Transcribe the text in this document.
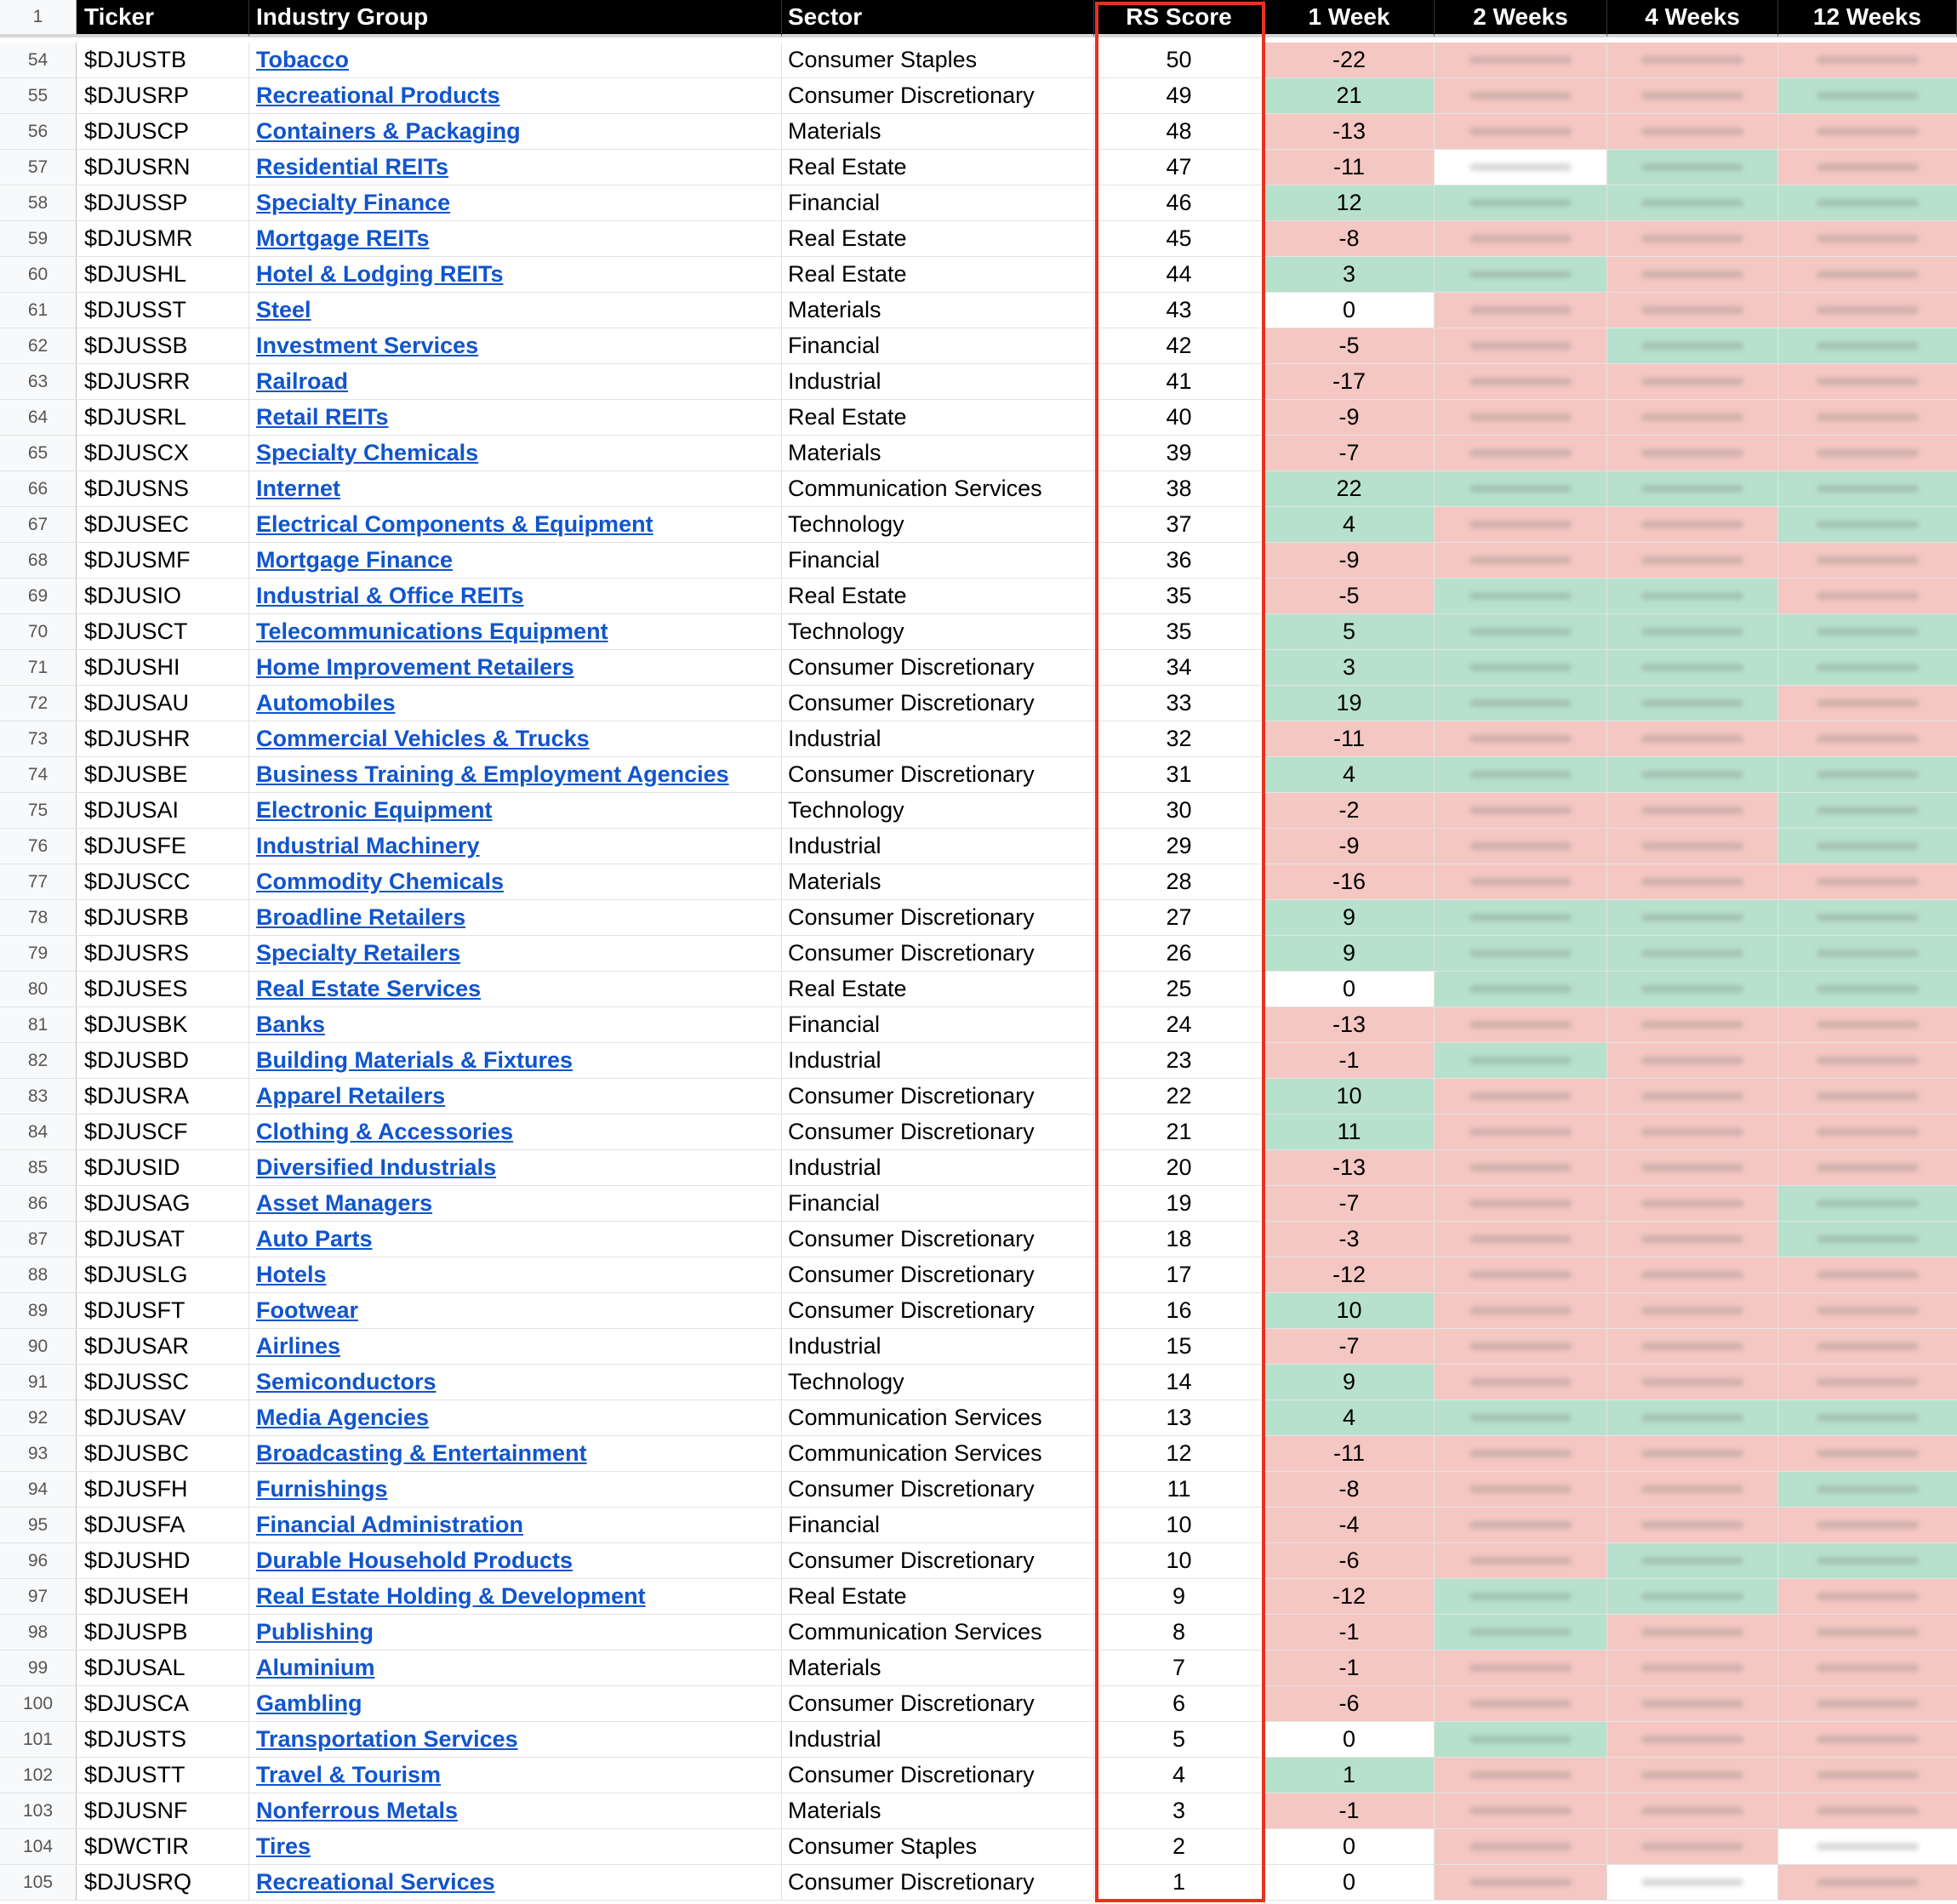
1	Ticker	Industry Group	Sector	RS Score	1 Week	2 Weeks	4 Weeks	12 Weeks
54	$DJUSTB	Tobacco	Consumer Staples	50	-22
55	$DJUSRP	Recreational Products	Consumer Discretionary	49	21
56	$DJUSCP	Containers & Packaging	Materials	48	-13
57	$DJUSRN	Residential REITs	Real Estate	47	-11
58	$DJUSSP	Specialty Finance	Financial	46	12
59	$DJUSMR	Mortgage REITs	Real Estate	45	-8
60	$DJUSHL	Hotel & Lodging REITs	Real Estate	44	3
61	$DJUSST	Steel	Materials	43	0
62	$DJUSSB	Investment Services	Financial	42	-5
63	$DJUSRR	Railroad	Industrial	41	-17
64	$DJUSRL	Retail REITs	Real Estate	40	-9
65	$DJUSCX	Specialty Chemicals	Materials	39	-7
66	$DJUSNS	Internet	Communication Services	38	22
67	$DJUSEC	Electrical Components & Equipment	Technology	37	4
68	$DJUSMF	Mortgage Finance	Financial	36	-9
69	$DJUSIO	Industrial & Office REITs	Real Estate	35	-5
70	$DJUSCT	Telecommunications Equipment	Technology	35	5
71	$DJUSHI	Home Improvement Retailers	Consumer Discretionary	34	3
72	$DJUSAU	Automobiles	Consumer Discretionary	33	19
73	$DJUSHR	Commercial Vehicles & Trucks	Industrial	32	-11
74	$DJUSBE	Business Training & Employment Agencies	Consumer Discretionary	31	4
75	$DJUSAI	Electronic Equipment	Technology	30	-2
76	$DJUSFE	Industrial Machinery	Industrial	29	-9
77	$DJUSCC	Commodity Chemicals	Materials	28	-16
78	$DJUSRB	Broadline Retailers	Consumer Discretionary	27	9
79	$DJUSRS	Specialty Retailers	Consumer Discretionary	26	9
80	$DJUSES	Real Estate Services	Real Estate	25	0
81	$DJUSBK	Banks	Financial	24	-13
82	$DJUSBD	Building Materials & Fixtures	Industrial	23	-1
83	$DJUSRA	Apparel Retailers	Consumer Discretionary	22	10
84	$DJUSCF	Clothing & Accessories	Consumer Discretionary	21	11
85	$DJUSID	Diversified Industrials	Industrial	20	-13
86	$DJUSAG	Asset Managers	Financial	19	-7
87	$DJUSAT	Auto Parts	Consumer Discretionary	18	-3
88	$DJUSLG	Hotels	Consumer Discretionary	17	-12
89	$DJUSFT	Footwear	Consumer Discretionary	16	10
90	$DJUSAR	Airlines	Industrial	15	-7
91	$DJUSSC	Semiconductors	Technology	14	9
92	$DJUSAV	Media Agencies	Communication Services	13	4
93	$DJUSBC	Broadcasting & Entertainment	Communication Services	12	-11
94	$DJUSFH	Furnishings	Consumer Discretionary	11	-8
95	$DJUSFA	Financial Administration	Financial	10	-4
96	$DJUSHD	Durable Household Products	Consumer Discretionary	10	-6
97	$DJUSEH	Real Estate Holding & Development	Real Estate	9	-12
98	$DJUSPB	Publishing	Communication Services	8	-1
99	$DJUSAL	Aluminium	Materials	7	-1
100	$DJUSCA	Gambling	Consumer Discretionary	6	-6
101	$DJUSTS	Transportation Services	Industrial	5	0
102	$DJUSTT	Travel & Tourism	Consumer Discretionary	4	1
103	$DJUSNF	Nonferrous Metals	Materials	3	-1
104	$DWCTIR	Tires	Consumer Staples	2	0
105	$DJUSRQ	Recreational Services	Consumer Discretionary	1	0
